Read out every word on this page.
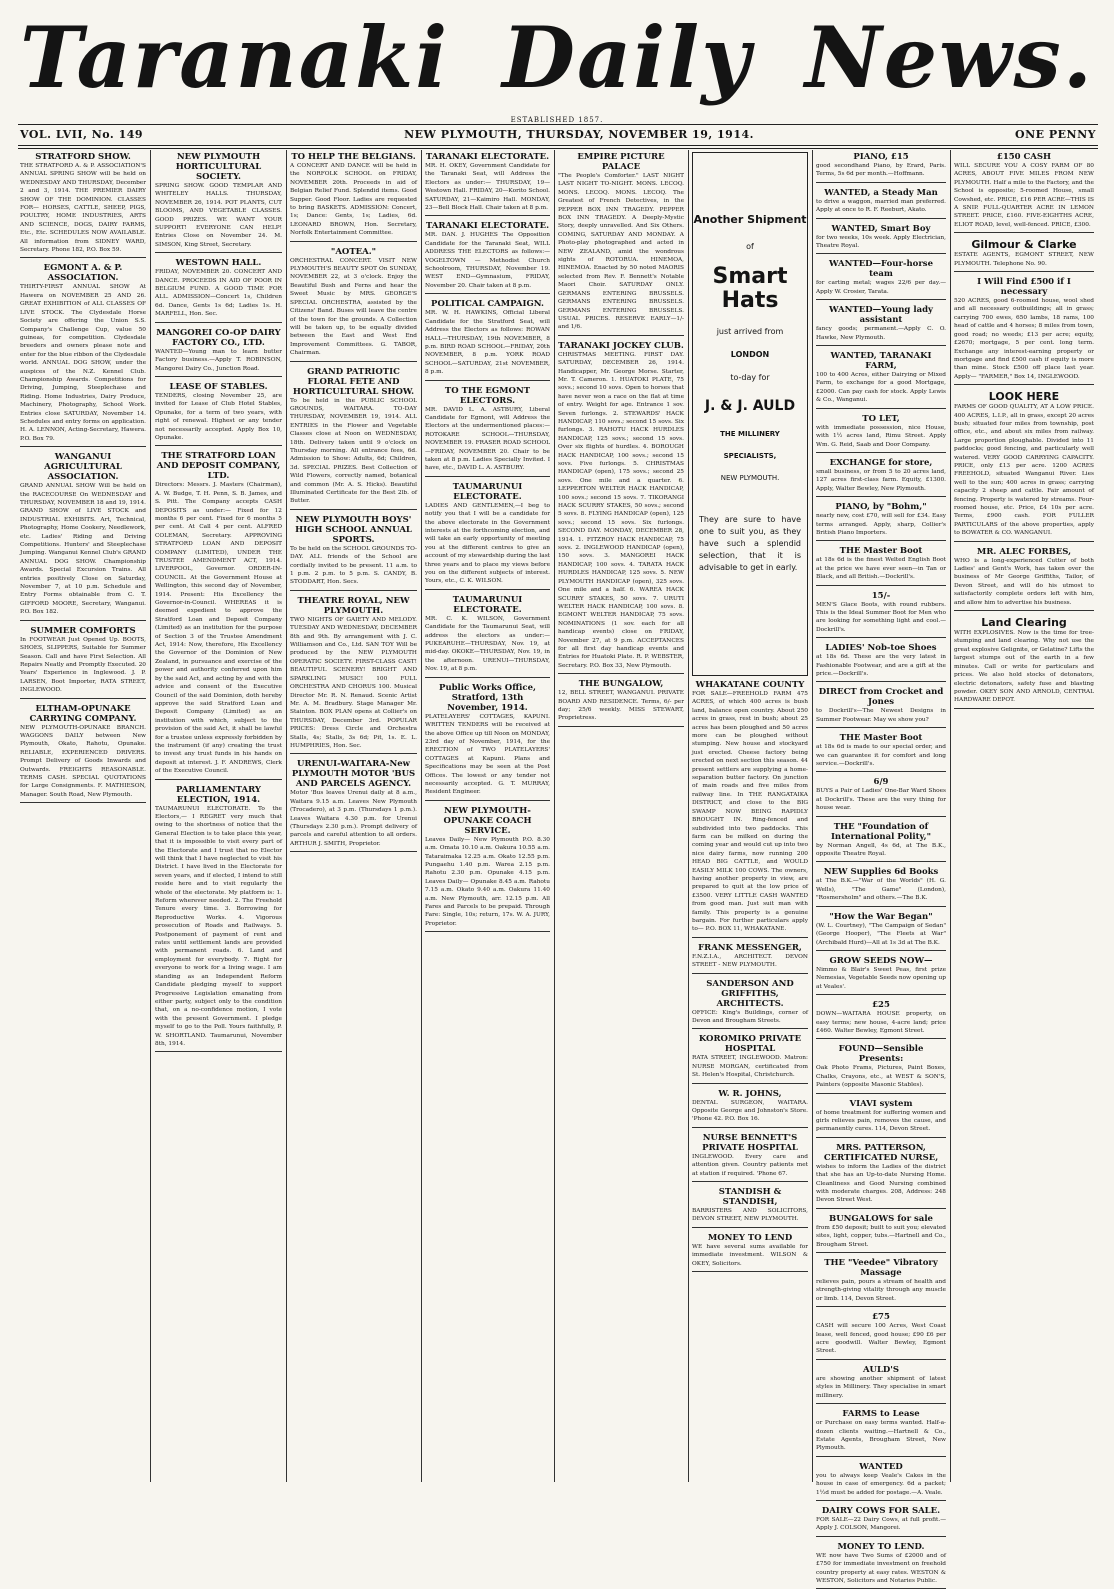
Taranaki Daily News.
ESTABLISHED 1857.
VOL. LVII, No. 149	NEW PLYMOUTH, THURSDAY, NOVEMBER 19, 1914.	ONE PENNY

STRATFORD SHOW.

THE STRATFORD A. & P. ASSOCIATION'S ANNUAL SPRING SHOW will be held on WEDNESDAY AND THURSDAY, December 2 and 3, 1914. THE PREMIER DAIRY SHOW OF THE DOMINION. CLASSES FOR— HORSES, CATTLE, SHEEP, PIGS, POULTRY, HOME INDUSTRIES, ARTS AND SCIENCE, DOGS, DAIRY FARMS, Etc., Etc. SCHEDULES NOW AVAILABLE. All information from SIDNEY WARD, Secretary. Phone 182, P.O. Box 59.

EGMONT A. & P. ASSOCIATION.

THIRTY-FIRST ANNUAL SHOW At Hawera on NOVEMBER 25 AND 26. GREAT EXHIBITION of ALL CLASSES OF LIVE STOCK. The Clydesdale Horse Society are offering the Union S.S. Company's Challenge Cup, value 50 guineas, for competition. Clydesdale breeders and owners please note and enter for the blue ribbon of the Clydesdale world. ANNUAL DOG SHOW, under the auspices of the N.Z. Kennel Club. Championship Awards. Competitions for Driving, Jumping, Steeplechase and Riding. Home Industries, Dairy Produce, Machinery, Photography, School Work. Entries close SATURDAY, November 14. Schedules and entry forms on application. H. A. LENNON, Acting-Secretary, Hawera. P.O. Box 79.

WANGANUI AGRICULTURAL ASSOCIATION.

GRAND ANNUAL SHOW Will be held on the RACECOURSE On WEDNESDAY and THURSDAY, NOVEMBER 18 and 19, 1914. GRAND SHOW of LIVE STOCK and INDUSTRIAL EXHIBITS. Art, Technical, Photography, Home Cookery, Needlework, etc. Ladies' Riding and Driving Competitions. Hunters' and Steeplechase Jumping. Wanganui Kennel Club's GRAND ANNUAL DOG SHOW. Championship Awards. Special Excursion Trains. All entries positively Close on Saturday, November 7, at 10 p.m. Schedule and Entry Forms obtainable from C. T. GIFFORD MOORE, Secretary, Wanganui. P.O. Box 182.

SUMMER COMFORTS

In FOOTWEAR Just Opened Up. BOOTS, SHOES, SLIPPERS, Suitable for Summer Season. Call and have First Selection. All Repairs Neatly and Promptly Executed. 20 Years' Experience in Inglewood. J. P. LARSEN, Boot Importer, RATA STREET, INGLEWOOD.

ELTHAM-OPUNAKE CARRYING COMPANY.

NEW PLYMOUTH-OPUNAKE BRANCH. WAGGONS DAILY between New Plymouth, Okato, Rahotu, Opunake. RELIABLE, EXPERIENCED DRIVERS. Prompt Delivery of Goods Inwards and Outwards. FREIGHTS REASONABLE. TERMS CASH. SPECIAL QUOTATIONS for Large Consignments. F. MATHIESON, Manager. South Road, New Plymouth.

NEW PLYMOUTH HORTICULTURAL SOCIETY.

SPRING SHOW. GOOD TEMPLAR AND WHITELEY HALLS. THURSDAY, NOVEMBER 26, 1914. POT PLANTS, CUT BLOOMS, AND VEGETABLE CLASSES. GOOD PRIZES. WE WANT YOUR SUPPORT! EVERYONE CAN HELP! Entries Close on November 24. M. SIMSON, King Street, Secretary.

WESTOWN HALL.

FRIDAY, NOVEMBER 20. CONCERT AND DANCE. PROCEEDS IN AID OF POOR IN BELGIUM FUND. A GOOD TIME FOR ALL. ADMISSION—Concert 1s, Children 6d. Dance, Gents 1s 6d; Ladies 1s. H. MARFELL, Hon. Sec.

MANGOREI CO-OP DAIRY FACTORY CO., LTD.

WANTED—Young man to learn butter Factory business.—Apply T. ROBINSON, Mangorei Dairy Co., Junction Road.

LEASE OF STABLES.

TENDERS, closing November 25, are invited for Lease of Club Hotel Stables, Opunake, for a term of two years, with right of renewal. Highest or any tender not necessarily accepted. Apply Box 10, Opunake.

THE STRATFORD LOAN AND DEPOSIT COMPANY, LTD.

Directors: Messrs. J. Masters (Chairman), A. W. Budge, T. H. Penn, S. B. James, and S. Pitt. The Company accepts CASH DEPOSITS as under:— Fixed for 12 months 6 per cent. Fixed for 6 months 5 per cent. At Call 4 per cent. ALFRED COLEMAN, Secretary. APPROVING STRATFORD LOAN AND DEPOSIT COMPANY (LIMITED), UNDER THE TRUSTEE AMENDMENT ACT, 1914. LIVERPOOL, Governor. ORDER-IN-COUNCIL. At the Government House at Wellington, this second day of November, 1914. Present: His Excellency the Governor-in-Council. WHEREAS it is deemed expedient to approve the Stratford Loan and Deposit Company (Limited) as an institution for the purpose of Section 3 of the Trustee Amendment Act, 1914: Now, therefore, His Excellency the Governor of the Dominion of New Zealand, in pursuance and exercise of the power and authority conferred upon him by the said Act, and acting by and with the advice and consent of the Executive Council of the said Dominion, doth hereby approve the said Stratford Loan and Deposit Company (Limited) as an institution with which, subject to the provision of the said Act, it shall be lawful for a trustee unless expressly forbidden by the instrument (if any) creating the trust to invest any trust funds in his hands on deposit at interest. J. F. ANDREWS, Clerk of the Executive Council.

PARLIAMENTARY ELECTION, 1914.

TAUMARUNUI ELECTORATE. To the Electors,— I REGRET very much that owing to the shortness of notice that the General Election is to take place this year, that it is impossible to visit every part of the Electorate and I trust that no Elector will think that I have neglected to visit his District. I have lived in the Electorate for seven years, and if elected, I intend to still reside here and to visit regularly the whole of the electorate. My platform is: 1. Reform wherever needed. 2. The Freehold Tenure every time. 3. Borrowing for Reproductive Works. 4. Vigorous prosecution of Roads and Railways. 5. Postponement of payment of rent and rates until settlement lands are provided with permanent roads. 6. Land and employment for everybody. 7. Right for everyone to work for a living wage. I am standing as an Independent Reform Candidate pledging myself to support Progressive Legislation emanating from either party, subject only to the condition that, on a no-confidence motion, I vote with the present Government. I pledge myself to go to the Poll. Yours faithfully, P. W. SHORTLAND. Taumarunui, November 8th, 1914.

TO HELP THE BELGIANS.

A CONCERT AND DANCE will be held in the NORFOLK SCHOOL on FRIDAY, NOVEMBER 20th. Proceeds in aid of Belgian Relief Fund. Splendid items. Good Supper. Good Floor. Ladies are requested to bring BASKETS. ADMISSION: Concert, 1s; Dance: Gents, 1s; Ladies, 6d. LEONARD BROWN, Hon. Secretary, Norfolk Entertainment Committee.

"AOTEA."

ORCHESTRAL CONCERT. VISIT NEW PLYMOUTH'S BEAUTY SPOT On SUNDAY, NOVEMBER 22, at 3 o'clock. Enjoy the Beautiful Bush and Ferns and hear the Sweet Music by MRS. GEORGE'S SPECIAL ORCHESTRA, assisted by the Citizens' Band. Buses will leave the centre of the town for the grounds. A Collection will be taken up, to be equally divided between the East and West End Improvement Committees. G. TABOR, Chairman.

GRAND PATRIOTIC FLORAL FETE AND HORTICULTURAL SHOW.

To be held in the PUBLIC SCHOOL GROUNDS, WAITARA. TO-DAY THURSDAY, NOVEMBER 19, 1914. ALL ENTRIES in the Flower and Vegetable Classes close at Noon on WEDNESDAY, 18th. Delivery taken until 9 o'clock on Thursday morning. All entrance fees, 6d. Admission to Show: Adults, 6d; Children, 3d. SPECIAL PRIZES. Best Collection of Wild Flowers, correctly named, botanical and common (Mr. A. S. Hicks). Beautiful Illuminated Certificate for the Best 2lb. of Butter.

NEW PLYMOUTH BOYS' HIGH SCHOOL ANNUAL SPORTS.

To be held on the SCHOOL GROUNDS TO-DAY. ALL friends of the School are cordially invited to be present. 11 a.m. to 1 p.m. 2 p.m. to 5 p.m. S. CANDY, B. STODDART, Hon. Secs.

THEATRE ROYAL, NEW PLYMOUTH.

TWO NIGHTS OF GAIETY AND MELODY. TUESDAY AND WEDNESDAY, DECEMBER 8th and 9th. By arrangement with J. C. Williamson and Co., Ltd. SAN TOY Will be produced by the NEW PLYMOUTH OPERATIC SOCIETY. FIRST-CLASS CAST! BEAUTIFUL SCENERY! BRIGHT AND SPARKLING MUSIC! 100 FULL ORCHESTRA AND CHORUS 100. Musical Director Mr. R. N. Renaud. Scenic Artist Mr. A. M. Bradbury. Stage Manager Mr. Stainton. BOX PLAN opens at Collier's on THURSDAY, December 3rd. POPULAR PRICES: Dress Circle and Orchestra Stalls, 4s; Stalls, 3s 6d; Pit, 1s. E. L. HUMPHRIES, Hon. Sec.

URENUI-WAITARA-New PLYMOUTH MOTOR 'BUS AND PARCELS AGENCY.

Motor 'Bus leaves Urenui daily at 8 a.m., Waitara 9.15 a.m. Leaves New Plymouth (Trocadero), at 3 p.m. (Thursdays 1 p.m.). Leaves Waitara 4.30 p.m. for Urenui (Thursdays 2.30 p.m.). Prompt delivery of parcels and careful attention to all orders. ARTHUR J. SMITH, Proprietor.

TARANAKI ELECTORATE.

MR. H. OKEY, Government Candidate for the Taranaki Seat, will Address the Electors as under:— THURSDAY, 19—Westown Hall. FRIDAY, 20—Korito School. SATURDAY, 21—Kaimiro Hall. MONDAY, 23—Bell Block Hall. Chair taken at 8 p.m.

TARANAKI ELECTORATE.

MR. DAN. J. HUGHES The Opposition Candidate for the Taranaki Seat, WILL ADDRESS THE ELECTORS as follows:— VOGELTOWN — Methodist Church Schoolroom, THURSDAY, November 19. WEST END—Gymnasium, FRIDAY, November 20. Chair taken at 8 p.m.

POLITICAL CAMPAIGN.

MR. W. H. HAWKINS, Official Liberal Candidate for the Stratford Seat, will Address the Electors as follows: ROWAN HALL—THURSDAY, 19th NOVEMBER, 8 p.m. BIRD ROAD SCHOOL—FRIDAY, 20th NOVEMBER, 8 p.m. YORK ROAD SCHOOL—SATURDAY, 21st NOVEMBER, 8 p.m.

TO THE EGMONT ELECTORS.

MR. DAVID L. A. ASTBURY, Liberal Candidate for Egmont, will Address the Electors at the undermentioned places:— ROTOKARE SCHOOL—THURSDAY, NOVEMBER 19. FRASER ROAD SCHOOL—FRIDAY, NOVEMBER 20. Chair to be taken at 8 p.m. Ladies Specially Invited. I have, etc., DAVID L. A. ASTBURY.

TAUMARUNUI ELECTORATE.

LADIES AND GENTLEMEN,—I beg to notify you that I will be a candidate for the above electorate in the Government interests at the forthcoming election, and will take an early opportunity of meeting you at the different centres to give an account of my stewardship during the last three years and to place my views before you on the different subjects of interest. Yours, etc., C. K. WILSON.

TAUMARUNUI ELECTORATE.

MR. C. K. WILSON, Government Candidate for the Taumarunui Seat, will address the electors as under:— PUKEARUHE—THURSDAY, Nov. 19, at mid-day. OKOKE—THURSDAY, Nov. 19, in the afternoon. URENUI—THURSDAY, Nov. 19, at 8 p.m.

Public Works Office, Stratford, 13th November, 1914.

PLATELAYERS' COTTAGES, KAPUNI. WRITTEN TENDERS will be received at the above Office up till Noon on MONDAY, 23rd day of November, 1914, for the ERECTION of TWO PLATELAYERS' COTTAGES at Kapuni. Plans and Specifications may be seen at the Post Offices. The lowest or any tender not necessarily accepted. G. T. MURRAY, Resident Engineer.

NEW PLYMOUTH-OPUNAKE COACH SERVICE.

Leaves Daily— New Plymouth P.O. 8.30 a.m. Omata 10.10 a.m. Oakura 10.55 a.m. Tataraimaka 12.25 a.m. Okato 12.55 p.m. Pungaehu 1.40 p.m. Warea 2.15 p.m. Rahotu 2.30 p.m. Opunake 4.15 p.m. Leaves Daily— Opunake 8.45 a.m. Rahotu 7.15 a.m. Okato 9.40 a.m. Oakura 11.40 a.m. New Plymouth, arr. 12.15 p.m. All Fares and Parcels to be prepaid. Through Fare: Single, 10s; return, 17s. W. A. JURY, Proprietor.

EMPIRE PICTURE PALACE

"The People's Comforter." LAST NIGHT LAST NIGHT TO-NIGHT. MONS. LECOQ. MONS. LECOQ. MONS. LECOQ. The Greatest of French Detectives, in the PEPPER BOX INN TRAGEDY. PEPPER BOX INN TRAGEDY. A Deeply-Mystic Story, deeply unravelled. And Six Others. COMING, SATURDAY AND MONDAY. A Photo-play photographed and acted in NEW ZEALAND, amid the wondrous sights of ROTORUA. HINEMOA, HINEMOA. Enacted by 50 noted MAORIS selected from Rev. F. Bennett's Notable Maori Choir. SATURDAY ONLY. GERMANS ENTERING BRUSSELS. GERMANS ENTERING BRUSSELS. GERMANS ENTERING BRUSSELS. USUAL PRICES. RESERVE EARLY—1/- and 1/6.

TARANAKI JOCKEY CLUB.

CHRISTMAS MEETING. FIRST DAY. SATURDAY, DECEMBER 26, 1914. Handicapper, Mr. George Morse. Starter, Mr. T. Cameron. 1. HUATOKI PLATE, 75 sovs.; second 10 sovs. Open to horses that have never won a race on the flat at time of entry. Weight for age. Entrance 1 sov. Seven furlongs. 2. STEWARDS' HACK HANDICAP, 110 sovs.; second 15 sovs. Six furlongs. 3. RAHOTU HACK HURDLES HANDICAP, 125 sovs.; second 15 sovs. Over six flights of hurdles. 4. BOROUGH HACK HANDICAP, 100 sovs.; second 15 sovs. Five furlongs. 5. CHRISTMAS HANDICAP (open), 175 sovs.; second 25 sovs. One mile and a quarter. 6. LEPPERTON WELTER HACK HANDICAP, 100 sovs.; second 15 sovs. 7. TIKORANGI HACK SCURRY STAKES, 50 sovs.; second 5 sovs. 8. FLYING HANDICAP (open), 125 sovs.; second 15 sovs. Six furlongs. SECOND DAY. MONDAY, DECEMBER 28, 1914. 1. FITZROY HACK HANDICAP, 75 sovs. 2. INGLEWOOD HANDICAP (open), 150 sovs. 3. MANGOREI HACK HANDICAP, 100 sovs. 4. TARATA HACK HURDLES HANDICAP, 125 sovs. 5. NEW PLYMOUTH HANDICAP (open), 325 sovs. One mile and a half. 6. WAREA HACK SCURRY STAKES, 50 sovs. 7. URUTI WELTER HACK HANDICAP, 100 sovs. 8. EGMONT WELTER HANDICAP, 75 sovs. NOMINATIONS (1 sov. each for all handicap events) close on FRIDAY, November 27, at 9 p.m. ACCEPTANCES for all first day handicap events and Entries for Huatoki Plate. R. P. WEBSTER, Secretary. P.O. Box 33, New Plymouth.

THE BUNGALOW,

12, BELL STREET, WANGANUI. PRIVATE BOARD AND RESIDENCE. Terms, 6/- per day; 25/6 weekly. MISS STEWART, Proprietress.

Another Shipment
of
Smart Hats
just arrived from
LONDON
to-day for
J. & J. AULD
THE MILLINERY
SPECIALISTS,
NEW PLYMOUTH.
They are sure to have one to suit you, as they have such a splendid selection, that it is advisable to get in early.

WHAKATANE COUNTY

FOR SALE—FREEHOLD FARM 475 ACRES, of which 400 acres is bush land, balance open country. About 250 acres in grass, rest in bush; about 25 acres has been ploughed and 50 acres more can be ploughed without stumping. New house and stockyard just erected. Cheese factory being erected on next section this season. 44 present settlers are supplying a home-separation butter factory. On junction of main roads and five miles from railway line. In THE RANGATAIKA DISTRICT, and close to the BIG SWAMP NOW BEING RAPIDLY BROUGHT IN. Ring-fenced and subdivided into two paddocks. This farm can be milked on during the coming year and would cut up into two nice dairy farms, now running 200 HEAD BIG CATTLE, and WOULD EASILY MILK 100 COWS. The owners, having another property in view, are prepared to quit at the low price of £3500. VERY LITTLE CASH WANTED from good man. Just suit man with family. This property is a genuine bargain. For further particulars apply to— P.O. BOX 11, WHAKATANE.

FRANK MESSENGER,

F.N.Z.I.A., ARCHITECT. DEVON STREET - NEW PLYMOUTH.

SANDERSON AND GRIFFITHS, ARCHITECTS.

OFFICE: King's Buildings, corner of Devon and Brougham Streets.

KOROMIKO PRIVATE HOSPITAL

RATA STREET, INGLEWOOD. Matron: NURSE MORGAN, certificated from St. Helen's Hospital, Christchurch.

W. R. JOHNS,

DENTAL SURGEON, WAITARA. Opposite George and Johnston's Store. 'Phone 42. P.O. Box 16.

NURSE BENNETT'S PRIVATE HOSPITAL

INGLEWOOD. Every care and attention given. Country patients met at station if required. 'Phone 67.

STANDISH & STANDISH,

BARRISTERS AND SOLICITORS, DEVON STREET, NEW PLYMOUTH.

MONEY TO LEND

WE have several sums available for immediate investment. WILSON & OKEY, Solicitors.

PIANO, £15

good secondhand Piano, by Erard, Paris. Terms, 5s 6d per month.—Hoffmann.

WANTED, a Steady Man

to drive a waggon, married man preferred. Apply at once to R. F. Reeburt, Akato.

WANTED, Smart Boy

for two weeks, 10s week. Apply Electrician, Theatre Royal.

WANTED—Four-horse team

for carting metal; wages 22/6 per day.—Apply W. Crosier, Tarata.

WANTED—Young lady assistant

fancy goods; permanent.—Apply C. O. Hawke, New Plymouth.

WANTED, TARANAKI FARM,

100 to 400 Acres, either Dairying or Mixed Farm, to exchange for a good Mortgage, £2000. Can pay cash for stock. Apply Lewis & Co., Wanganui.

TO LET,

with immediate possession, nice House, with 1½ acres land, Rimu Street. Apply Wm. G. Reid, Saab and Door Company.

EXCHANGE for store,

small business, or from 5 to 20 acres land, 127 acres first-class farm. Equity, £1300. Apply, Walter Bewley, New Plymouth.

PIANO, by "Bohm,"

nearly new, cost £70, will sell for £34. Easy terms arranged. Apply, sharp, Collier's British Piano Importers.

THE Master Boot

at 18s 6d is the finest Welted English Boot at the price we have ever seen—in Tan or Black, and all British.—Dockrill's.

15/-

MEN'S Glace Boots, with round rubbers. This is the Ideal Summer Boot for Men who are looking for something light and cool.—Dockrill's.

LADIES' Nob-toe Shoes

at 18s 6d. These are the very latest in Fashionable Footwear, and are a gift at the price.—Dockrill's.

DIRECT from Crocket and Jones

to Dockrill's—The Newest Designs in Summer Footwear. May we show you?

THE Master Boot

at 18s 6d is made to our special order, and we can guarantee it for comfort and long service.—Dockrill's.

6/9

BUYS a Pair of Ladies' One-Bar Ward Shoes at Dockrill's. These are the very thing for house wear.

THE "Foundation of International Polity,"

by Norman Angell, 4s 6d, at The B.K., opposite Theatre Royal.

NEW Supplies 6d Books

at The B.K.—"War of the Worlds" (H. G. Wells), "The Game" (London), "Rosmersholm" and others.—The B.K.

"How the War Began"

(W. L. Courtney), "The Campaign of Sedan" (George Hooper), "The Fleets at War" (Archibald Hurd)—All at 1s 3d at The B.K.

GROW SEEDS NOW—

Nimmo & Blair's Sweet Peas, first prize Nemesias, Vegetable Seeds now opening up at Veales'.

£25

DOWN—WAITARA HOUSE property, on easy terms; new house, 4-acre land; price £460. Walter Bewley, Egmont Street.

FOUND—Sensible Presents:

Oak Photo Frams, Pictures, Paint Boxes, Chalks, Crayons, etc., at WEST & SON'S, Painters (opposite Masonic Stables).

VIAVI system

of home treatment for suffering women and girls relieves pain, removes the cause, and permanently cures. 114, Devon Street.

MRS. PATTERSON, CERTIFICATED NURSE,

wishes to inform the Ladies of the district that she has an Up-to-date Nursing Home. Cleanliness and Good Nursing combined with moderate charges. 208, Address: 248 Devon Street West.

BUNGALOWS for sale

from £50 deposit; built to suit you; elevated sites, light, copper, tubs.—Hartnell and Co., Brougham Street.

THE "Veedee" Vibratory Massage

relieves pain, pours a stream of health and strength-giving vitality through any muscle or limb. 114, Devon Street.

£75

CASH will secure 100 Acres, West Coast lease, well fenced, good house; £90 £6 per acre goodwill. Walter Bewley, Egmont Street.

AULD'S

are showing another shipment of latest styles in Millinery. They specialise in smart millinery.

FARMS to Lease

or Purchase on easy terms wanted. Half-a-dozen clients waiting.—Hartnell & Co., Estate Agents, Brougham Street, New Plymouth.

WANTED

you to always keep Veale's Cakes in the house in case of emergency. 6d a packet; 1½d must be added for postage.—A. Veale.

DAIRY COWS FOR SALE.

FOR SALE—22 Dairy Cows, at full profit.—Apply J. COLSON, Mangorei.

MONEY TO LEND.

WE now have Two Sums of £2000 and of £750 for immediate investment on freehold country property at easy rates. WESTON & WESTON, Solicitors and Notaries Public.

£150 CASH

WILL SECURE YOU A COSY FARM OF 80 ACRES, ABOUT FIVE MILES FROM NEW PLYMOUTH. Half a mile to the Factory, and the School is opposite; 5-roomed House, small Cowshed, etc. PRICE, £16 PER ACRE—THIS IS A SNIP. FULL-QUARTER ACRE IN LEMON STREET. PRICE, £160. FIVE-EIGHTHS ACRE, ELIOT ROAD, level, well-fenced. PRICE, £300.

Gilmour & Clarke

ESTATE AGENTS, EGMONT STREET, NEW PLYMOUTH. Telephone No. 90.

I Will Find £500 if I necessary

520 ACRES, good 6-roomed house, wool shed and all necessary outbuildings; all in grass; carrying 700 ewes, 650 lambs, 18 rams, 100 head of cattle and 4 horses; 8 miles from town, good road; no weeds; £13 per acre; equity, £2670; mortgage, 5 per cent. long term. Exchange any interest-earning property or mortgage and find £500 cash if equity is more than mine. Stock £500 off place last year. Apply— "FARMER," Box 14, INGLEWOOD.

LOOK HERE

FARMS OF GOOD QUALITY, AT A LOW PRICE. 400 ACRES, L.I.P., all in grass, except 20 acres bush; situated four miles from township, post office, etc., and about six miles from railway. Large proportion ploughable. Divided into 11 paddocks; good fencing, and particularly well watered. VERY GOOD CARRYING CAPACITY. PRICE, only £13 per acre. 1200 ACRES FREEHOLD, situated Wanganui River. Lies well to the sun; 400 acres in grass; carrying capacity 2 sheep and cattle. Fair amount of fencing. Property is watered by streams. Four-roomed house, etc. Price, £4 10s per acre. Terms, £900 cash. FOR FULLER PARTICULARS of the above properties, apply to BOWATER & CO. WANGANUI.

MR. ALEC FORBES,

WHO is a long-experienced Cutter of both Ladies' and Gent's Work, has taken over the business of Mr George Griffiths, Tailor, of Devon Street, and will do his utmost to satisfactorily complete orders left with him, and allow him to advertise his business.

Land Clearing

WITH EXPLOSIVES. Now is the time for tree-stumping and land clearing. Why not use the great explosive Gelignite, or Gelatine? Lifts the largest stumps out of the earth in a few minutes. Call or write for particulars and prices. We also hold stocks of detonators, electric detonators, safety fuse and blasting powder. OKEY SON AND ARNOLD, CENTRAL HARDWARE DEPOT.
